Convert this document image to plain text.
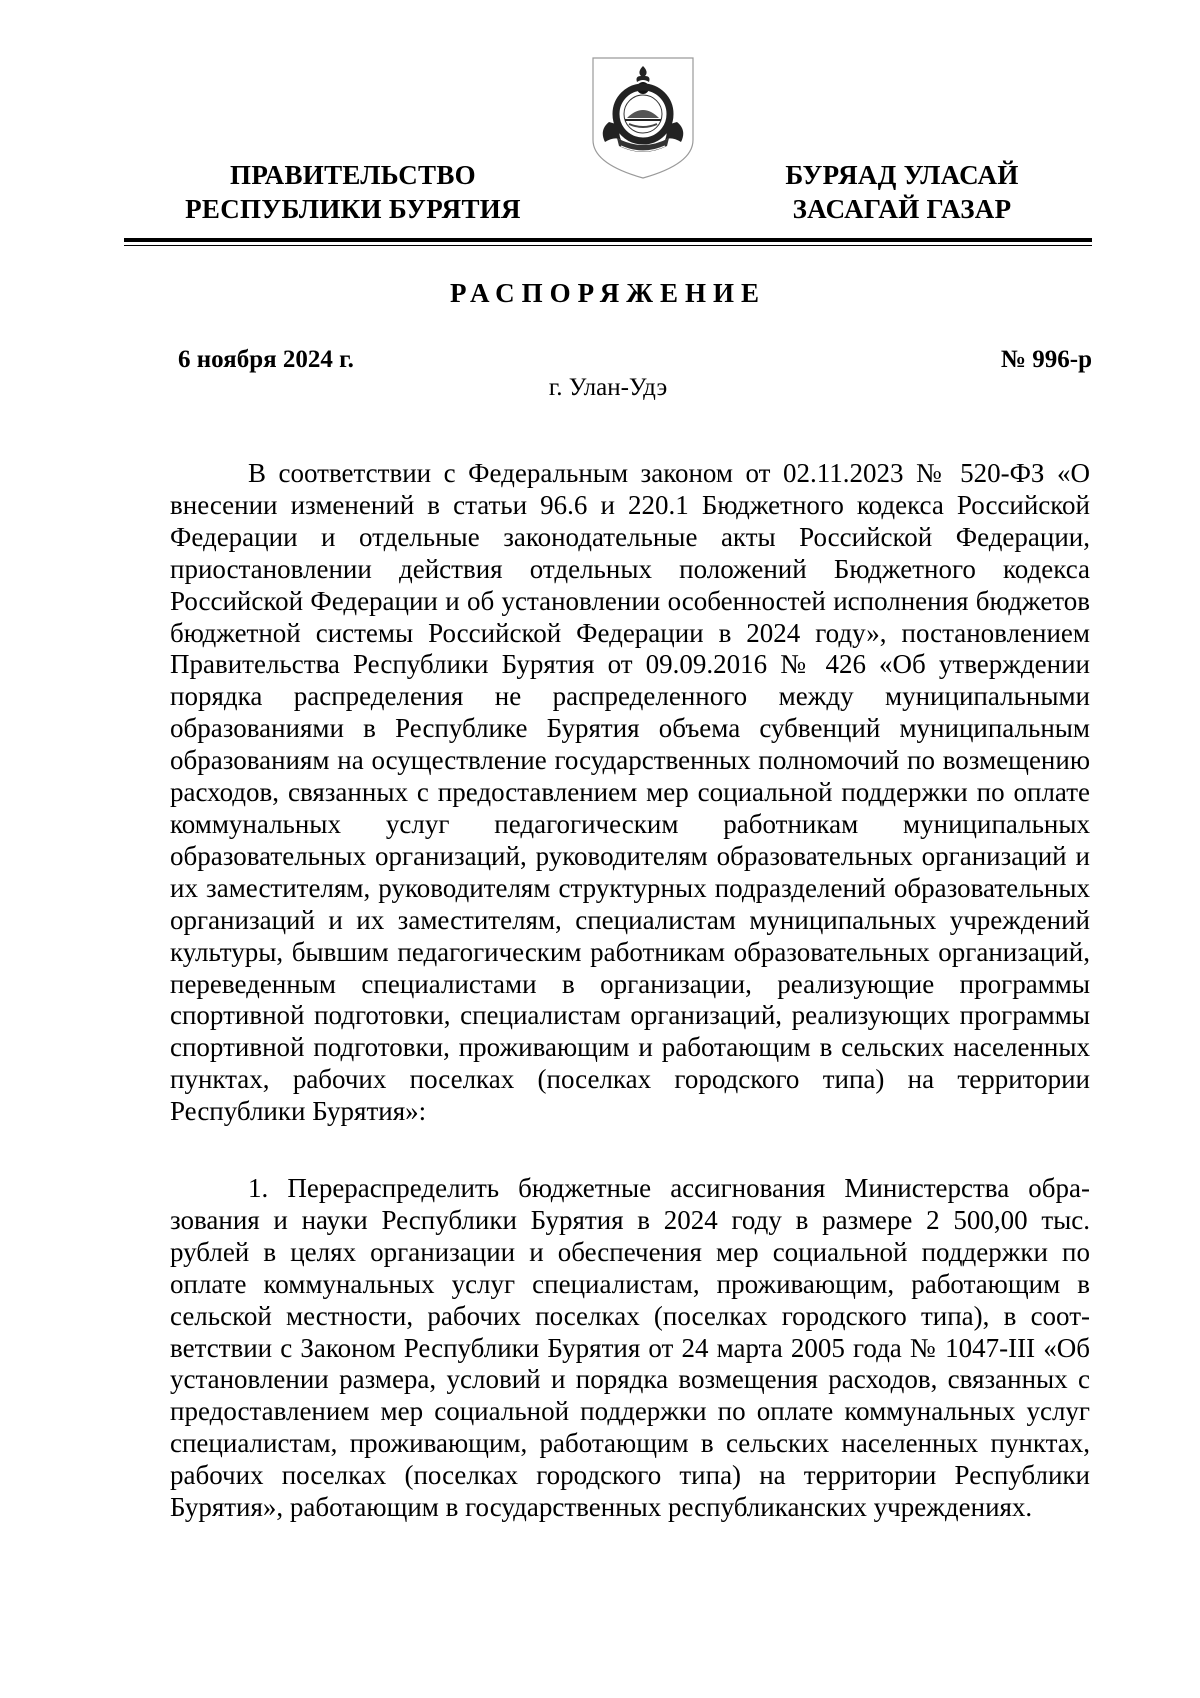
ПРАВИТЕЛЬСТВО
РЕСПУБЛИКИ БУРЯТИЯ
БУРЯАД УЛАСАЙ
ЗАСАГАЙ ГАЗАР
РАСПОРЯЖЕНИЕ
6 ноября 2024 г.	№ 996-р
г. Улан-Удэ

В соответствии с Федеральным законом от 02.11.2023 № 520-ФЗ «О внесении изменений в статьи 96.6 и 220.1 Бюджетного кодекса Российской Федерации и отдельные законодательные акты Российской Федерации, приостановлении действия отдельных положений Бюджетного кодекса Российской Федерации и об установлении особенностей исполнения бюджетов бюджетной системы Российской Федерации в 2024 году», постановлением Правительства Республики Бурятия от 09.09.2016 № 426 «Об утверждении порядка распределения не распределенного между муниципальными образованиями в Республике Бурятия объема субвенций муниципальным образованиям на осуществление государственных полномочий по возмещению расходов, связанных с предоставлением мер социальной поддержки по оплате коммунальных услуг педагогическим работникам муниципальных образовательных организаций, руководителям образовательных организаций и их заместителям, руководителям структурных подразделений образовательных организаций и их заместителям, специалистам муниципальных учреждений культуры, бывшим педагогическим работникам образовательных организаций, переведенным специалистами в организации, реализующие программы спортивной подготовки, специалистам организаций, реализующих программы спортивной подготовки, проживающим и работающим в сельских населенных пунктах, рабочих поселках (поселках городского типа) на территории Республики Бурятия»:

1. Перераспределить бюджетные ассигнования Министерства образования и науки Республики Бурятия в 2024 году в размере 2 500,00 тыс. рублей в целях организации и обеспечения мер социальной поддержки по оплате коммунальных услуг специалистам, проживающим, работающим в сельской местности, рабочих поселках (поселках городского типа), в соответствии с Законом Республики Бурятия от 24 марта 2005 года № 1047-III «Об установлении размера, условий и порядка возмещения расходов, связанных с предоставлением мер социальной поддержки по оплате коммунальных услуг специалистам, проживающим, работающим в сельских населенных пунктах, рабочих поселках (поселках городского типа) на территории Республики Бурятия», работающим в государственных республиканских учреждениях.
